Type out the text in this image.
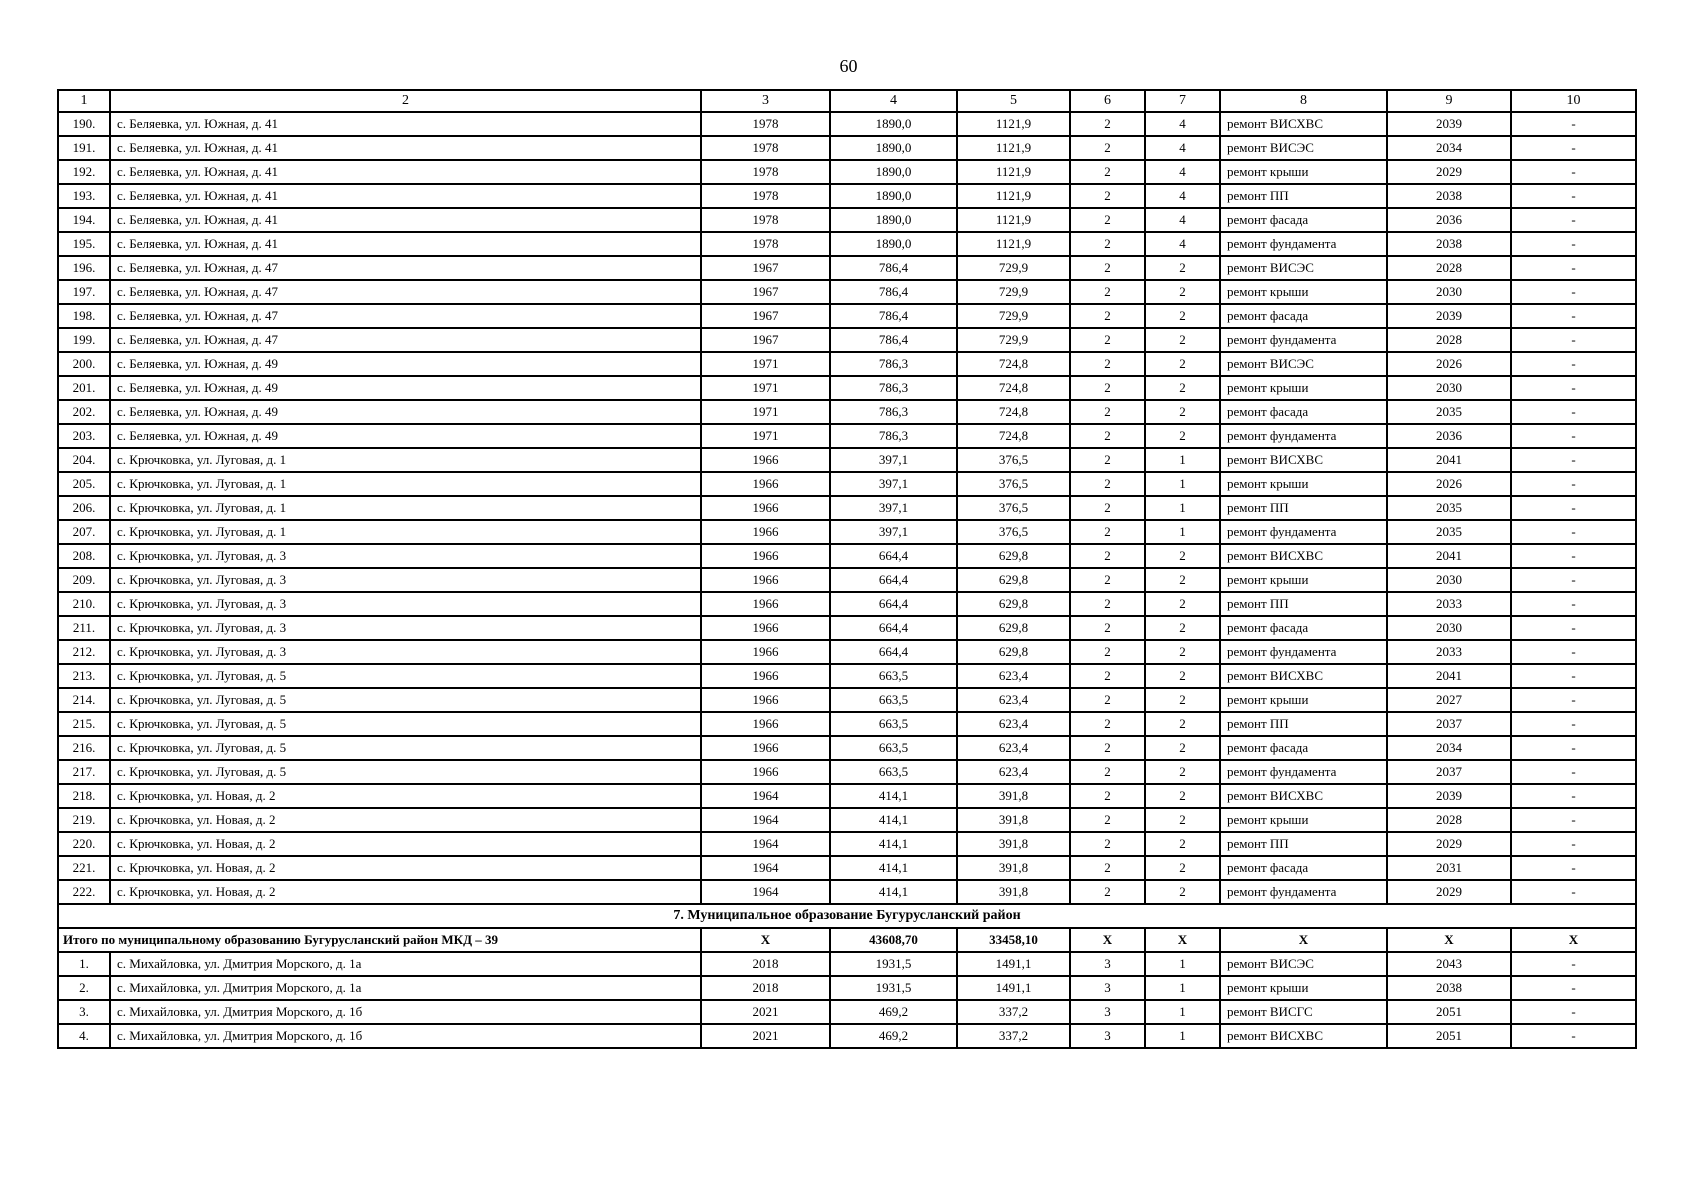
60
1	2	3	4	5	6	7	8	9	10
190.	с. Беляевка, ул. Южная, д. 41	1978	1890,0	1121,9	2	4	ремонт ВИСХВС	2039	-
191.	с. Беляевка, ул. Южная, д. 41	1978	1890,0	1121,9	2	4	ремонт ВИСЭС	2034	-
192.	с. Беляевка, ул. Южная, д. 41	1978	1890,0	1121,9	2	4	ремонт крыши	2029	-
193.	с. Беляевка, ул. Южная, д. 41	1978	1890,0	1121,9	2	4	ремонт ПП	2038	-
194.	с. Беляевка, ул. Южная, д. 41	1978	1890,0	1121,9	2	4	ремонт фасада	2036	-
195.	с. Беляевка, ул. Южная, д. 41	1978	1890,0	1121,9	2	4	ремонт фундамента	2038	-
196.	с. Беляевка, ул. Южная, д. 47	1967	786,4	729,9	2	2	ремонт ВИСЭС	2028	-
197.	с. Беляевка, ул. Южная, д. 47	1967	786,4	729,9	2	2	ремонт крыши	2030	-
198.	с. Беляевка, ул. Южная, д. 47	1967	786,4	729,9	2	2	ремонт фасада	2039	-
199.	с. Беляевка, ул. Южная, д. 47	1967	786,4	729,9	2	2	ремонт фундамента	2028	-
200.	с. Беляевка, ул. Южная, д. 49	1971	786,3	724,8	2	2	ремонт ВИСЭС	2026	-
201.	с. Беляевка, ул. Южная, д. 49	1971	786,3	724,8	2	2	ремонт крыши	2030	-
202.	с. Беляевка, ул. Южная, д. 49	1971	786,3	724,8	2	2	ремонт фасада	2035	-
203.	с. Беляевка, ул. Южная, д. 49	1971	786,3	724,8	2	2	ремонт фундамента	2036	-
204.	с. Крючковка, ул. Луговая, д. 1	1966	397,1	376,5	2	1	ремонт ВИСХВС	2041	-
205.	с. Крючковка, ул. Луговая, д. 1	1966	397,1	376,5	2	1	ремонт крыши	2026	-
206.	с. Крючковка, ул. Луговая, д. 1	1966	397,1	376,5	2	1	ремонт ПП	2035	-
207.	с. Крючковка, ул. Луговая, д. 1	1966	397,1	376,5	2	1	ремонт фундамента	2035	-
208.	с. Крючковка, ул. Луговая, д. 3	1966	664,4	629,8	2	2	ремонт ВИСХВС	2041	-
209.	с. Крючковка, ул. Луговая, д. 3	1966	664,4	629,8	2	2	ремонт крыши	2030	-
210.	с. Крючковка, ул. Луговая, д. 3	1966	664,4	629,8	2	2	ремонт ПП	2033	-
211.	с. Крючковка, ул. Луговая, д. 3	1966	664,4	629,8	2	2	ремонт фасада	2030	-
212.	с. Крючковка, ул. Луговая, д. 3	1966	664,4	629,8	2	2	ремонт фундамента	2033	-
213.	с. Крючковка, ул. Луговая, д. 5	1966	663,5	623,4	2	2	ремонт ВИСХВС	2041	-
214.	с. Крючковка, ул. Луговая, д. 5	1966	663,5	623,4	2	2	ремонт крыши	2027	-
215.	с. Крючковка, ул. Луговая, д. 5	1966	663,5	623,4	2	2	ремонт ПП	2037	-
216.	с. Крючковка, ул. Луговая, д. 5	1966	663,5	623,4	2	2	ремонт фасада	2034	-
217.	с. Крючковка, ул. Луговая, д. 5	1966	663,5	623,4	2	2	ремонт фундамента	2037	-
218.	с. Крючковка, ул. Новая, д. 2	1964	414,1	391,8	2	2	ремонт ВИСХВС	2039	-
219.	с. Крючковка, ул. Новая, д. 2	1964	414,1	391,8	2	2	ремонт крыши	2028	-
220.	с. Крючковка, ул. Новая, д. 2	1964	414,1	391,8	2	2	ремонт ПП	2029	-
221.	с. Крючковка, ул. Новая, д. 2	1964	414,1	391,8	2	2	ремонт фасада	2031	-
222.	с. Крючковка, ул. Новая, д. 2	1964	414,1	391,8	2	2	ремонт фундамента	2029	-
7. Муниципальное образование Бугурусланский район									
Итого по муниципальному образованию Бугурусланский район МКД – 39		X	43608,70	33458,10	X	X	X	X	X
1.	с. Михайловка, ул. Дмитрия Морского, д. 1а	2018	1931,5	1491,1	3	1	ремонт ВИСЭС	2043	-
2.	с. Михайловка, ул. Дмитрия Морского, д. 1а	2018	1931,5	1491,1	3	1	ремонт крыши	2038	-
3.	с. Михайловка, ул. Дмитрия Морского, д. 1б	2021	469,2	337,2	3	1	ремонт ВИСГС	2051	-
4.	с. Михайловка, ул. Дмитрия Морского, д. 1б	2021	469,2	337,2	3	1	ремонт ВИСХВС	2051	-
